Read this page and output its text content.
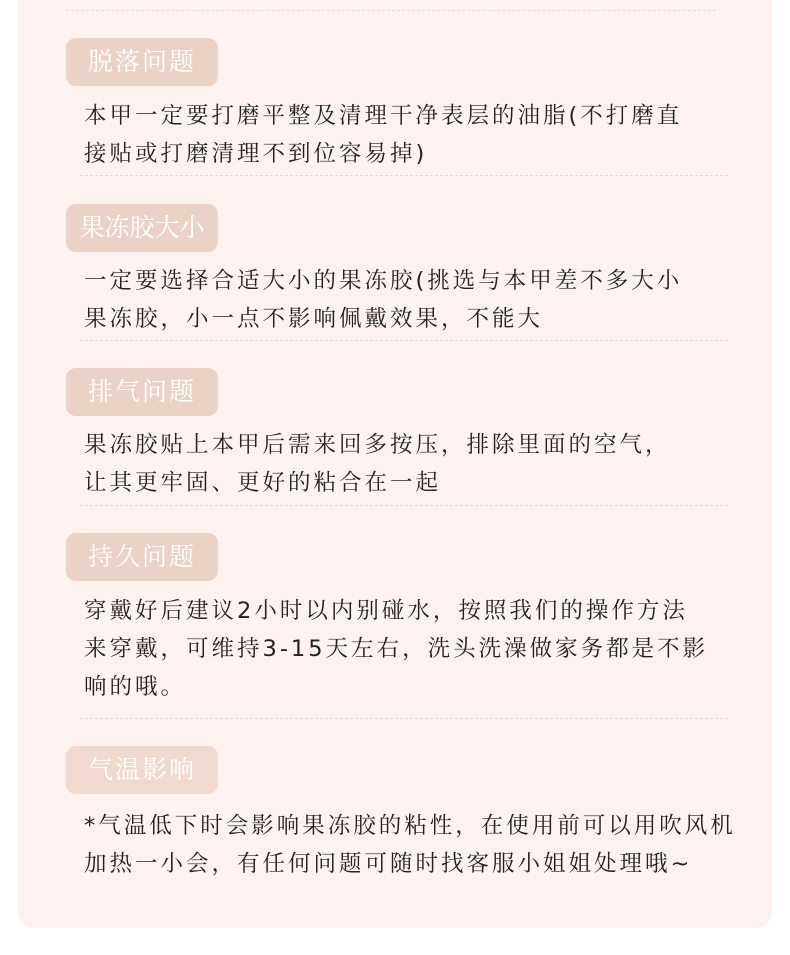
脱落问题
本甲一定要打磨平整及清理干净表层的油脂(不打磨直
接贴或打磨清理不到位容易掉)
果冻胶大小
一定要选择合适大小的果冻胶(挑选与本甲差不多大小
果冻胶，小一点不影响佩戴效果，不能大
排气问题
果冻胶贴上本甲后需来回多按压，排除里面的空气，
让其更牢固、更好的粘合在一起
持久问题
穿戴好后建议2小时以内别碰水，按照我们的操作方法
来穿戴，可维持3-15天左右，洗头洗澡做家务都是不影
响的哦。
气温影响
*气温低下时会影响果冻胶的粘性，在使用前可以用吹风机
加热一小会，有任何问题可随时找客服小姐姐处理哦~
